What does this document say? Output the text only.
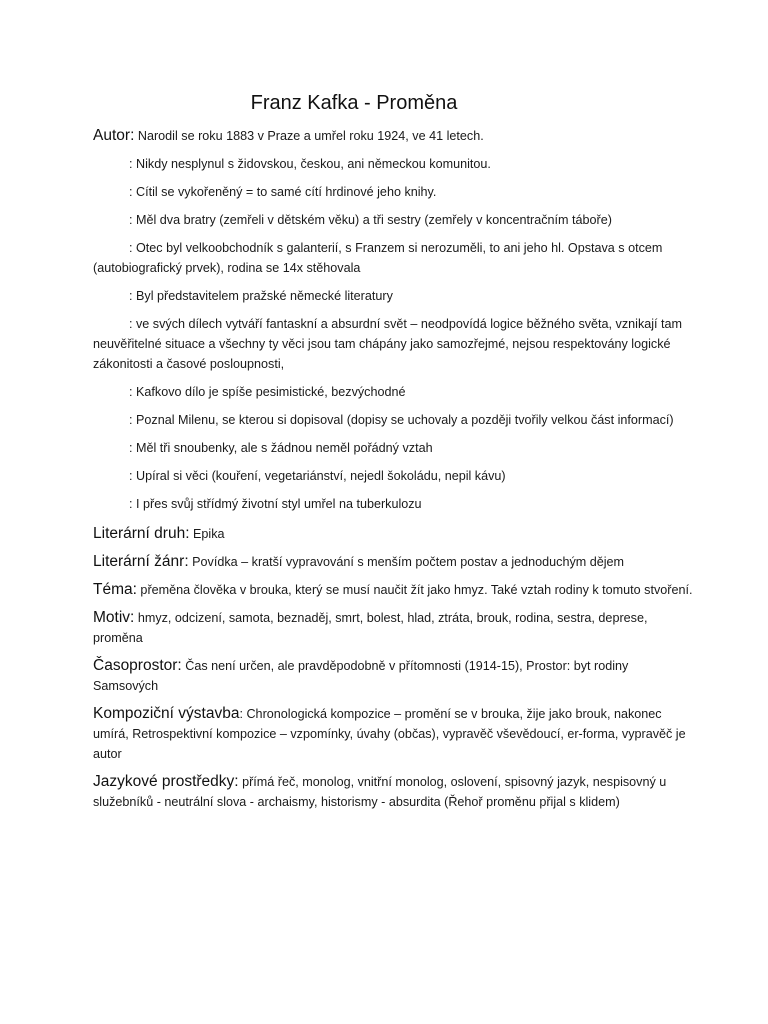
Franz Kafka - Proměna

Autor: Narodil se roku 1883 v Praze a umřel roku 1924, ve 41 letech.

: Nikdy nesplynul s židovskou, českou, ani německou komunitou.

: Cítil se vykořeněný = to samé cítí hrdinové jeho knihy.

: Měl dva bratry (zemřeli v dětském věku) a tři sestry (zemřely v koncentračním táboře)

: Otec byl velkoobchodník s galanterií, s Franzem si nerozuměli, to ani jeho hl. Opstava s otcem (autobiografický prvek), rodina se 14x stěhovala

: Byl představitelem pražské německé literatury

: ve svých dílech vytváří fantaskní a absurdní svět – neodpovídá logice běžného světa, vznikají tam neuvěřitelné situace a všechny ty věci jsou tam chápány jako samozřejmé, nejsou respektovány logické zákonitosti a časové posloupnosti,

: Kafkovo dílo je spíše pesimistické, bezvýchodné

: Poznal Milenu, se kterou si dopisoval (dopisy se uchovaly a později tvořily velkou část informací)

: Měl tři snoubenky, ale s žádnou neměl pořádný vztah

: Upíral si věci (kouření, vegetariánství, nejedl šokoládu, nepil kávu)

: I přes svůj střídmý životní styl umřel na tuberkulozu

Literární druh: Epika

Literární žánr: Povídka – kratší vypravování s menším počtem postav a jednoduchým dějem

Téma: přeměna člověka v brouka, který se musí naučit žít jako hmyz. Také vztah rodiny k tomuto stvoření.

Motiv: hmyz, odcizení, samota, beznaděj, smrt, bolest, hlad, ztráta, brouk, rodina, sestra, deprese, proměna

Časoprostor: Čas není určen, ale pravděpodobně v přítomnosti (1914-15), Prostor: byt rodiny Samsových

Kompoziční výstavba: Chronologická kompozice – promění se v brouka, žije jako brouk, nakonec umírá, Retrospektivní kompozice – vzpomínky, úvahy (občas), vypravěč vševědoucí, er-forma, vypravěč je autor

Jazykové prostředky: přímá řeč, monolog, vnitřní monolog, oslovení, spisovný jazyk, nespisovný u služebníků - neutrální slova - archaismy, historismy - absurdita (Řehoř proměnu přijal s klidem)
